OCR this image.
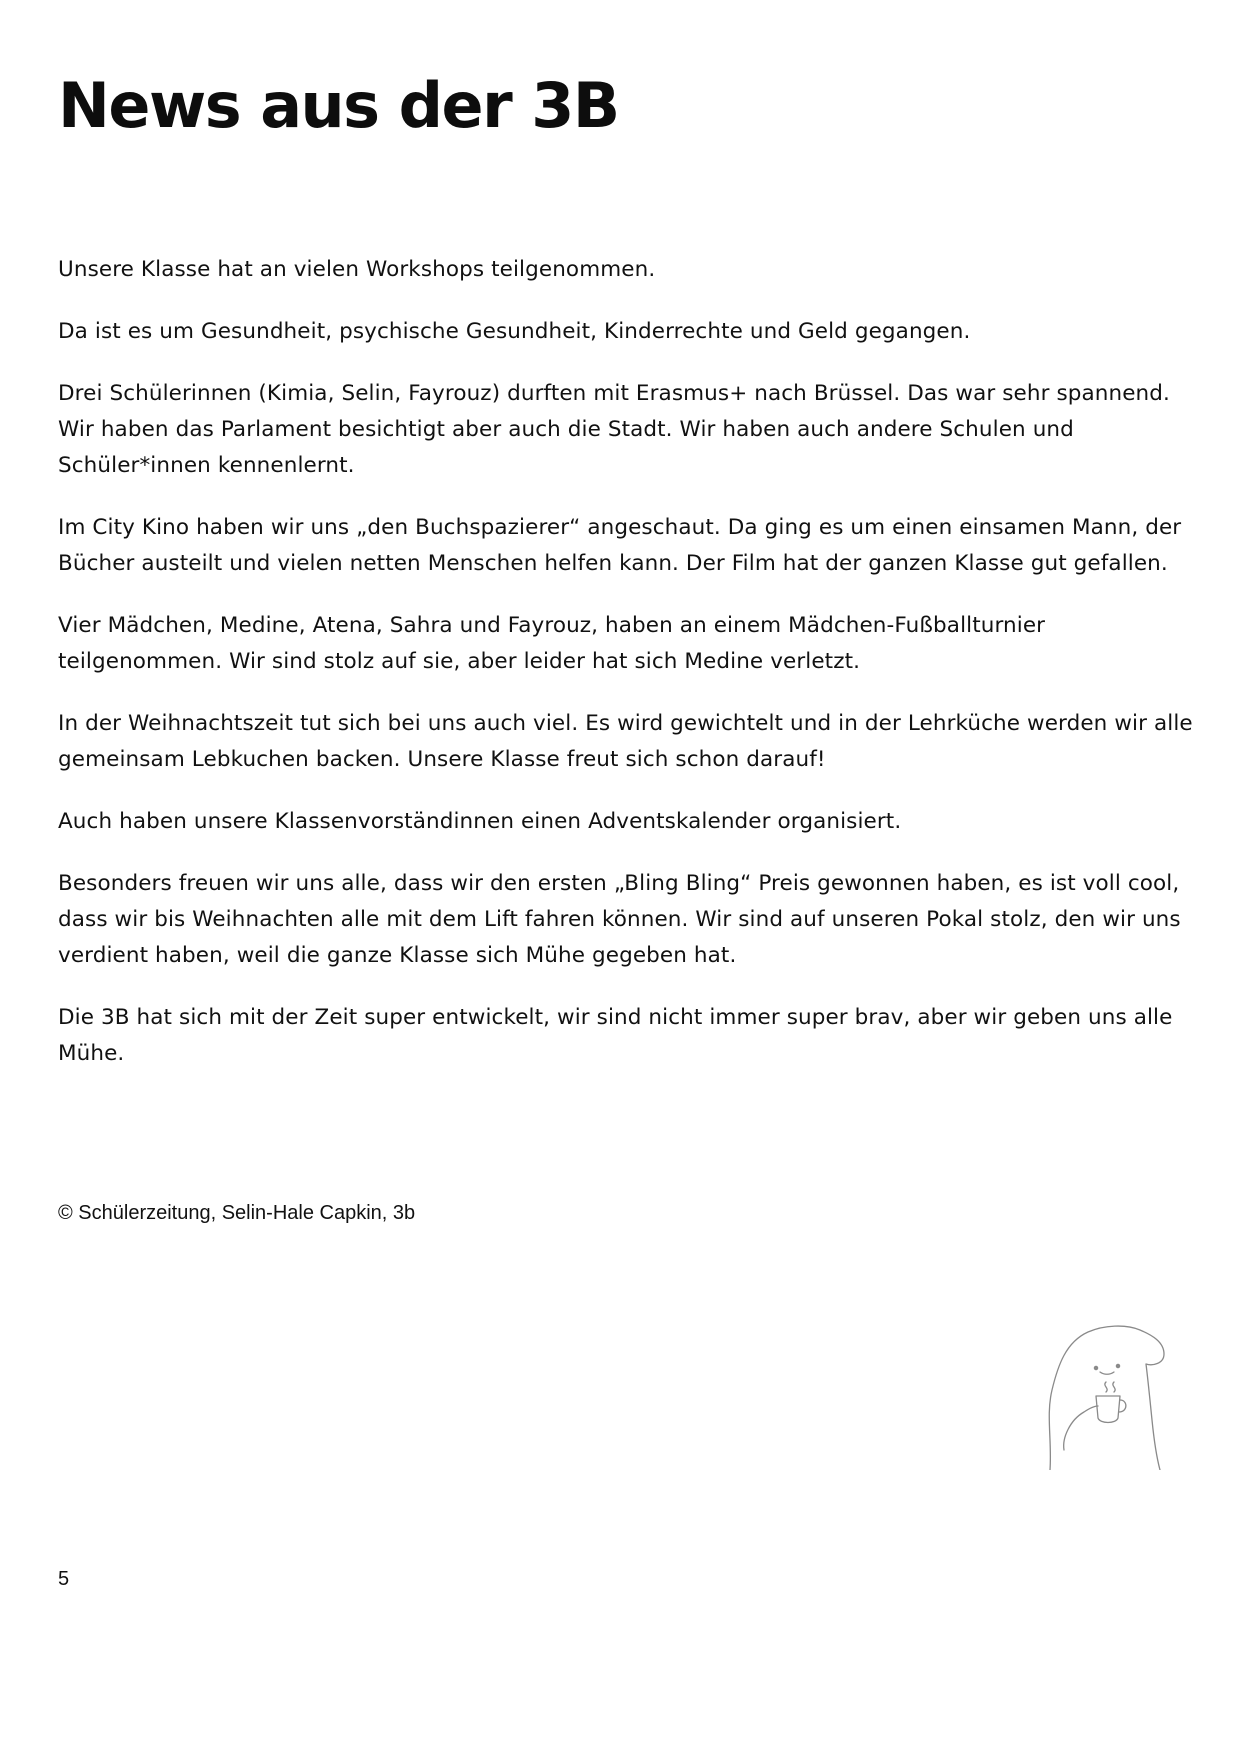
News aus der 3B

Unsere Klasse hat an vielen Workshops teilgenommen.

Da ist es um Gesundheit, psychische Gesundheit, Kinderrechte und Geld gegangen.

Drei Schülerinnen (Kimia, Selin, Fayrouz) durften mit Erasmus+ nach Brüssel. Das war sehr spannend. Wir haben das Parlament besichtigt aber auch die Stadt. Wir haben auch andere Schulen und Schüler*innen kennenlernt.

Im City Kino haben wir uns „den Buchspazierer“ angeschaut. Da ging es um einen einsamen Mann, der Bücher austeilt und vielen netten Menschen helfen kann. Der Film hat der ganzen Klasse gut gefallen.

Vier Mädchen, Medine, Atena, Sahra und Fayrouz, haben an einem Mädchen-Fußballturnier teilgenommen. Wir sind stolz auf sie, aber leider hat sich Medine verletzt.

In der Weihnachtszeit tut sich bei uns auch viel. Es wird gewichtelt und in der Lehrküche werden wir alle gemeinsam Lebkuchen backen. Unsere Klasse freut sich schon darauf!

Auch haben unsere Klassenvorständinnen einen Adventskalender organisiert.

Besonders freuen wir uns alle, dass wir den ersten „Bling Bling“ Preis gewonnen haben, es ist voll cool, dass wir bis Weihnachten alle mit dem Lift fahren können. Wir sind auf unseren Pokal stolz, den wir uns verdient haben, weil die ganze Klasse sich Mühe gegeben hat.

Die 3B hat sich mit der Zeit super entwickelt, wir sind nicht immer super brav, aber wir geben uns alle Mühe.

© Schülerzeitung, Selin-Hale Capkin, 3b

5
